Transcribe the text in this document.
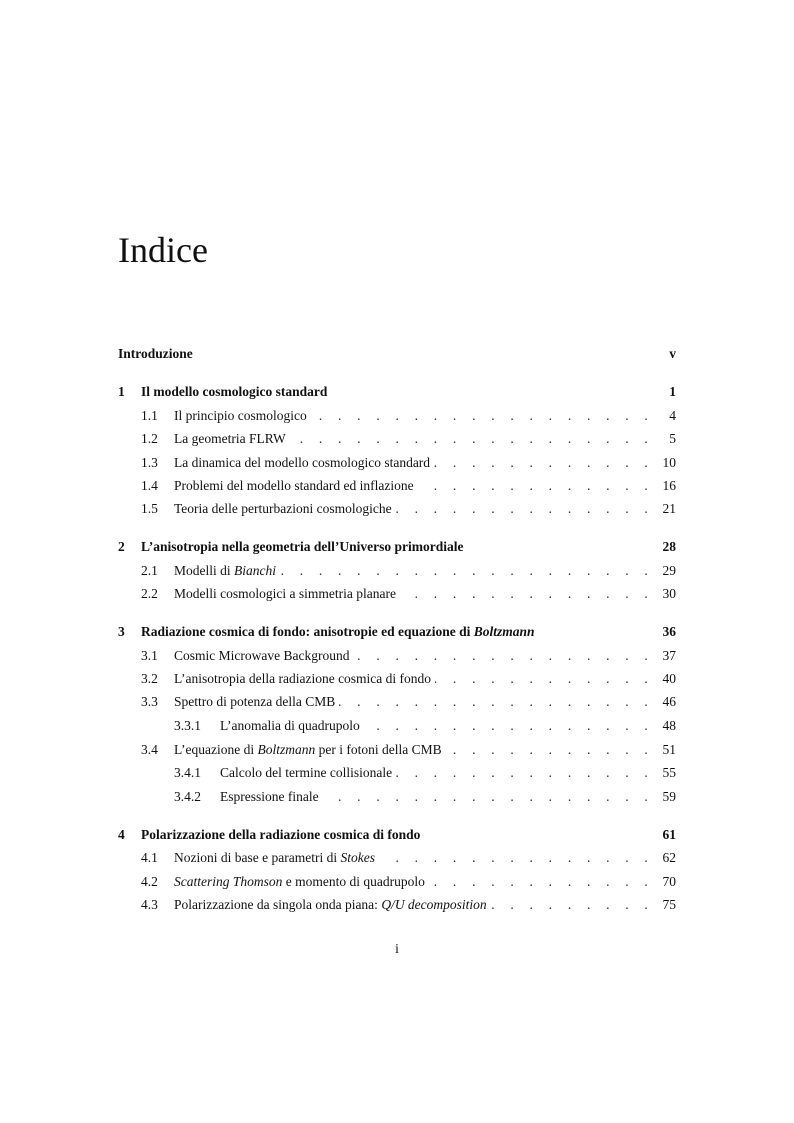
Indice
Introduzione	v
1	Il modello cosmologico standard	1
1.1	Il principio cosmologico . . .	4
1.2	La geometria FLRW . . .	5
1.3	La dinamica del modello cosmologico standard . . .	10
1.4	Problemi del modello standard ed inflazione . . .	16
1.5	Teoria delle perturbazioni cosmologiche . . .	21
2	L’anisotropia nella geometria dell’Universo primordiale	28
2.1	Modelli di Bianchi . . .	29
2.2	Modelli cosmologici a simmetria planare . . .	30
3	Radiazione cosmica di fondo: anisotropie ed equazione di Boltzmann	36
3.1	Cosmic Microwave Background . . .	37
3.2	L’anisotropia della radiazione cosmica di fondo . . .	40
3.3	Spettro di potenza della CMB . . .	46
3.3.1	L’anomalia di quadrupolo . . .	48
3.4	L’equazione di Boltzmann per i fotoni della CMB . . .	51
3.4.1	Calcolo del termine collisionale . . .	55
3.4.2	Espressione finale . . .	59
4	Polarizzazione della radiazione cosmica di fondo	61
4.1	Nozioni di base e parametri di Stokes . . .	62
4.2	Scattering Thomson e momento di quadrupolo . . .	70
4.3	Polarizzazione da singola onda piana: Q/U decomposition . . .	75
i
